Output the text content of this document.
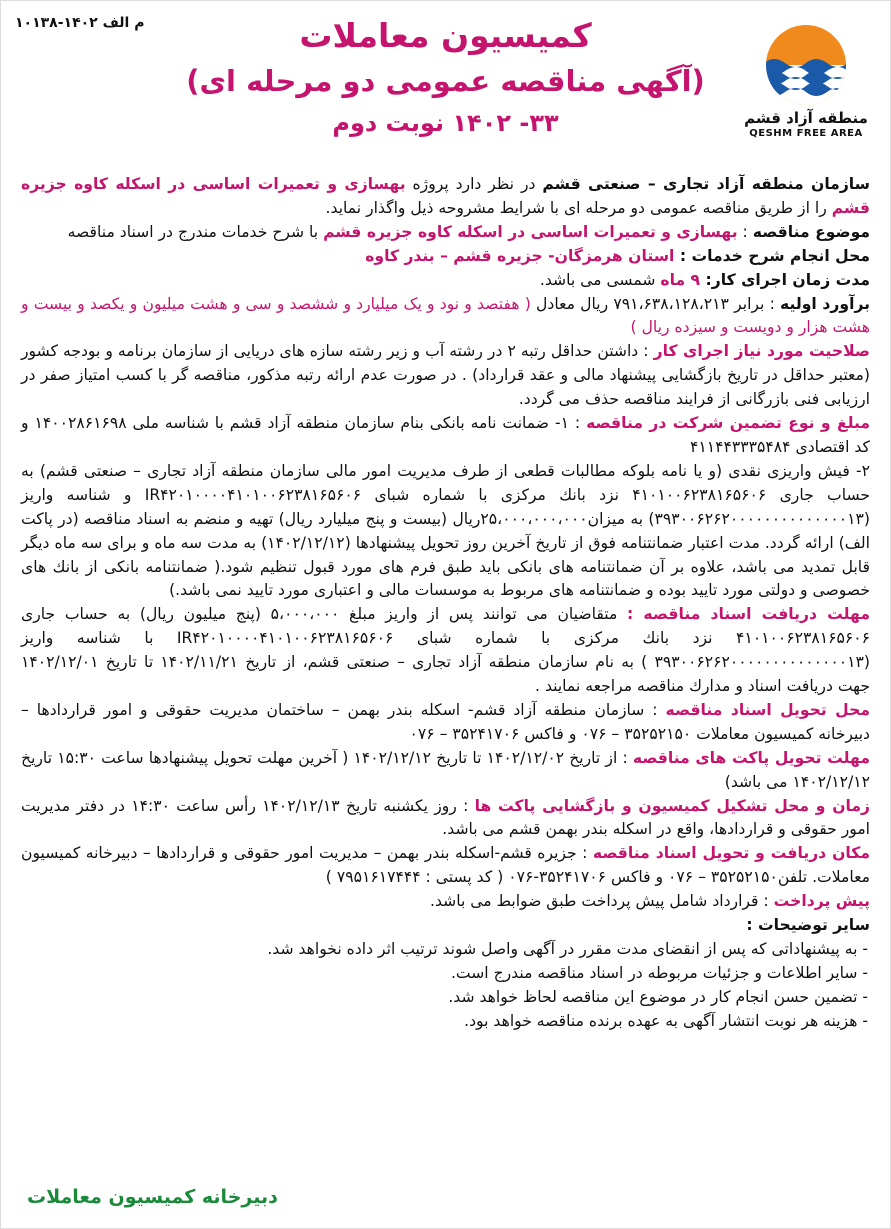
م الف ۱۴۰۲-۱۰۱۳۸
منطقه آزاد قشم
QESHM FREE AREA
کمیسیون معاملات
(آگهی مناقصه عمومی دو مرحله ای)
۳۳- ۱۴۰۲ نوبت دوم

سازمان منطقه آزاد تجاری – صنعتی قشم در نظر دارد پروژه بهسازی و تعمیرات اساسی در اسکله کاوه جزیره قشم را از طریق مناقصه عمومی دو مرحله ای با شرایط مشروحه ذیل واگذار نماید.

موضوع مناقصه : بهسازی و تعمیرات اساسی در اسکله کاوه جزیره قشم با شرح خدمات مندرج در اسناد مناقصه

محل انجام شرح خدمات : استان هرمزگان- جزیره قشم – بندر کاوه

مدت زمان اجرای کار: ۹ ماه شمسی می باشد.

برآورد اولیه : برابر ۷۹۱،۶۳۸،۱۲۸،۲۱۳ ریال معادل ( هفتصد و نود و یک میلیارد و ششصد و سی و هشت میلیون و یکصد و بیست و هشت هزار و دویست و سیزده ریال )

صلاحیت مورد نیاز اجرای کار : داشتن حداقل رتبه ۲ در رشته آب و زیر رشته سازه های دریایی از سازمان برنامه و بودجه کشور (معتبر حداقل در تاریخ بازگشایی پیشنهاد مالی و عقد قرارداد) . در صورت عدم ارائه رتبه مذکور، مناقصه گر با کسب امتیاز صفر در ارزیابی فنی بازرگانی از فرایند مناقصه حذف می گردد.

مبلغ و نوع تضمین شرکت در مناقصه : ۱- ضمانت نامه بانکی بنام سازمان منطقه آزاد قشم با شناسه ملی ۱۴۰۰۲۸۶۱۶۹۸ و کد اقتصادی ۴۱۱۴۴۳۳۳۵۴۸۴

۲- فیش واریزی نقدی (و یا نامه بلوکه مطالبات قطعی از طرف مدیریت امور مالی سازمان منطقه آزاد تجاری – صنعتی قشم) به حساب جاری ۴۱۰۱۰۰۶۲۳۸۱۶۵۶۰۶ نزد بانك مرکزی با شماره شبای IR۴۲۰۱۰۰۰۰۴۱۰۱۰۰۶۲۳۸۱۶۵۶۰۶ و شناسه واریز (۳۹۳۰۰۶۲۶۲۰۰۰۰۰۰۰۰۰۰۰۰۰۰۱۳) به میزان۲۵،۰۰۰،۰۰۰،۰۰۰ریال (بیست و پنج میلیارد ریال) تهیه و منضم به اسناد مناقصه (در پاکت الف) ارائه گردد. مدت اعتبار ضمانتنامه فوق از تاریخ آخرین روز تحویل پیشنهادها (۱۴۰۲/۱۲/۱۲) به مدت سه ماه و برای سه ماه دیگر قابل تمدید می باشد، علاوه بر آن ضمانتنامه های بانکی باید طبق فرم های مورد قبول تنظیم شود.( ضمانتنامه بانکی از بانك های خصوصی و دولتی مورد تایید بوده و ضمانتنامه های مربوط به موسسات مالی و اعتباری مورد تایید نمی باشد.)

مهلت دریافت اسناد مناقصه : متقاضیان می توانند پس از واریز مبلغ ۵،۰۰۰،۰۰۰ (پنج میلیون ریال) به حساب جاری ۴۱۰۱۰۰۶۲۳۸۱۶۵۶۰۶ نزد بانك مرکزی با شماره شبای IR۴۲۰۱۰۰۰۰۴۱۰۱۰۰۶۲۳۸۱۶۵۶۰۶ با شناسه واریز (۳۹۳۰۰۶۲۶۲۰۰۰۰۰۰۰۰۰۰۰۰۰۰۱۳ ) به نام سازمان منطقه آزاد تجاری – صنعتی قشم، از تاریخ ۱۴۰۲/۱۱/۲۱ تا تاریخ ۱۴۰۲/۱۲/۰۱ جهت دریافت اسناد و مدارك مناقصه مراجعه نمایند .

محل تحویل اسناد مناقصه : سازمان منطقه آزاد قشم- اسکله بندر بهمن – ساختمان مدیریت حقوقی و امور قراردادها – دبیرخانه کمیسیون معاملات ۳۵۲۵۲۱۵۰ – ۰۷۶ و فاکس ۳۵۲۴۱۷۰۶ – ۰۷۶

مهلت تحویل پاکت های مناقصه : از تاریخ ۱۴۰۲/۱۲/۰۲ تا تاریخ ۱۴۰۲/۱۲/۱۲ ( آخرین مهلت تحویل پیشنهادها ساعت ۱۵:۳۰ تاریخ ۱۴۰۲/۱۲/۱۲ می باشد)

زمان و محل تشکیل کمیسیون و بازگشایی پاکت ها : روز یکشنبه تاریخ ۱۴۰۲/۱۲/۱۳ رأس ساعت ۱۴:۳۰ در دفتر مدیریت امور حقوقی و قراردادها، واقع در اسکله بندر بهمن قشم می باشد.

مکان دریافت و تحویل اسناد مناقصه : جزیره قشم-اسکله بندر بهمن – مدیریت امور حقوقی و قراردادها – دبیرخانه کمیسیون معاملات. تلفن۳۵۲۵۲۱۵۰ – ۰۷۶ و فاکس ۳۵۲۴۱۷۰۶-۰۷۶ ( کد پستی : ۷۹۵۱۶۱۷۴۴۴ )

پیش پرداخت : قرارداد شامل پیش پرداخت طبق ضوابط می باشد.

سایر توضیحات :

- به پیشنهاداتی که پس از انقضای مدت مقرر در آگهی واصل شوند ترتیب اثر داده نخواهد شد.
- سایر اطلاعات و جزئیات مربوطه در اسناد مناقصه مندرج است.
- تضمین حسن انجام کار در موضوع این مناقصه لحاظ خواهد شد.
- هزینه هر نوبت انتشار آگهی به عهده برنده مناقصه خواهد بود.
دبیرخانه کمیسیون معاملات
